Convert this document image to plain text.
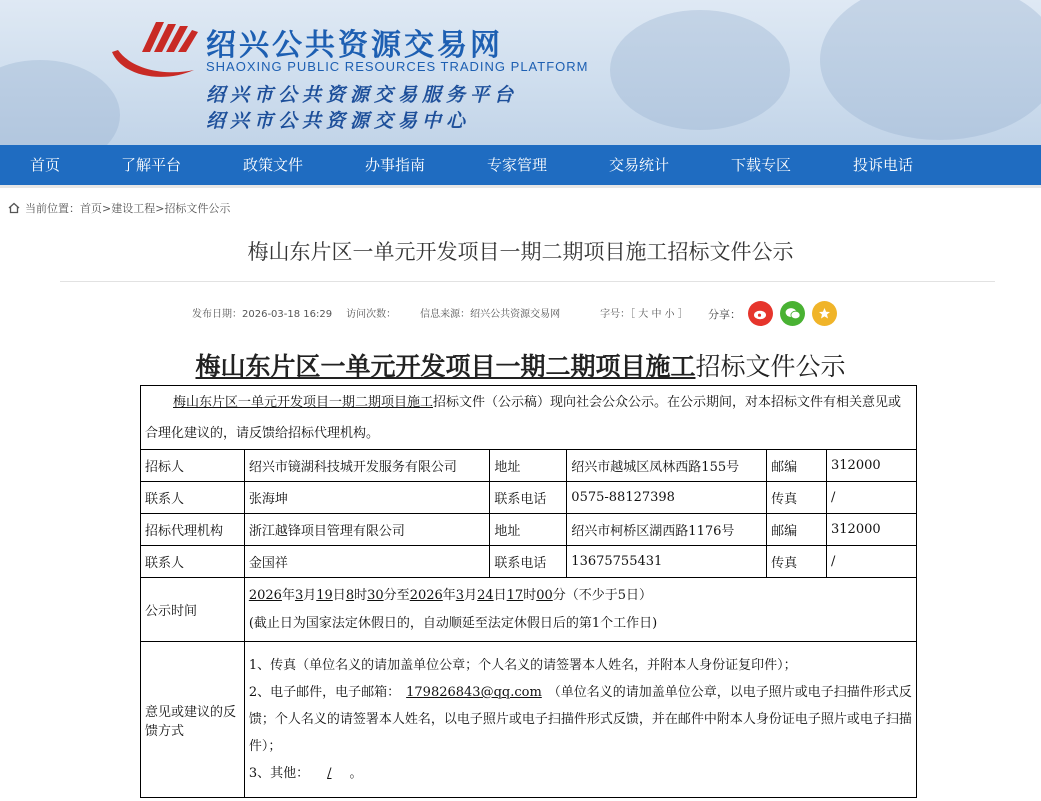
绍兴公共资源交易网
SHAOXING PUBLIC RESOURCES TRADING PLATFORM
绍兴市公共资源交易服务平台
绍兴市公共资源交易中心
首页	了解平台	政策文件	办事指南	专家管理	交易统计	下载专区	投诉电话
当前位置： 首页 > 建设工程 > 招标文件公示
梅山东片区一单元开发项目一期二期项目施工招标文件公示
发布日期：2026-03-18 16:29 访问次数： 信息来源：绍兴公共资源交易网	字号：［ 大 中 小 ］ 分享：
梅山东片区一单元开发项目一期二期项目施工招标文件公示
梅山东片区一单元开发项目一期二期项目施工招标文件（公示稿）现向社会公众公示。在公示期间，对本招标文件有相关意见或合理化建议的，请反馈给招标代理机构。					
招标人	绍兴市镜湖科技城开发服务有限公司	地址	绍兴市越城区凤林西路155号	邮编	312000
联系人	张海坤	联系电话	0575-88127398	传真	/
招标代理机构	浙江越锋项目管理有限公司	地址	绍兴市柯桥区湖西路1176号	邮编	312000
联系人	金国祥	联系电话	13675755431	传真	/
公示时间	2026年3月19日8时30分至2026年3月24日17时00分（不少于5日）
(截止日为国家法定休假日的，自动顺延至法定休假日后的第1个工作日)				

意见或建议的反馈方式	1、传真（单位名义的请加盖单位公章；个人名义的请签署本人姓名，并附本人身份证复印件）；
2、电子邮件，电子邮箱： 179826843@qq.com （单位名义的请加盖单位公章，以电子照片或电子扫描件形式反馈；个人名义的请签署本人姓名，以电子照片或电子扫描件形式反馈，并在邮件中附本人身份证电子照片或电子扫描件）；
3、其他： / 。				
